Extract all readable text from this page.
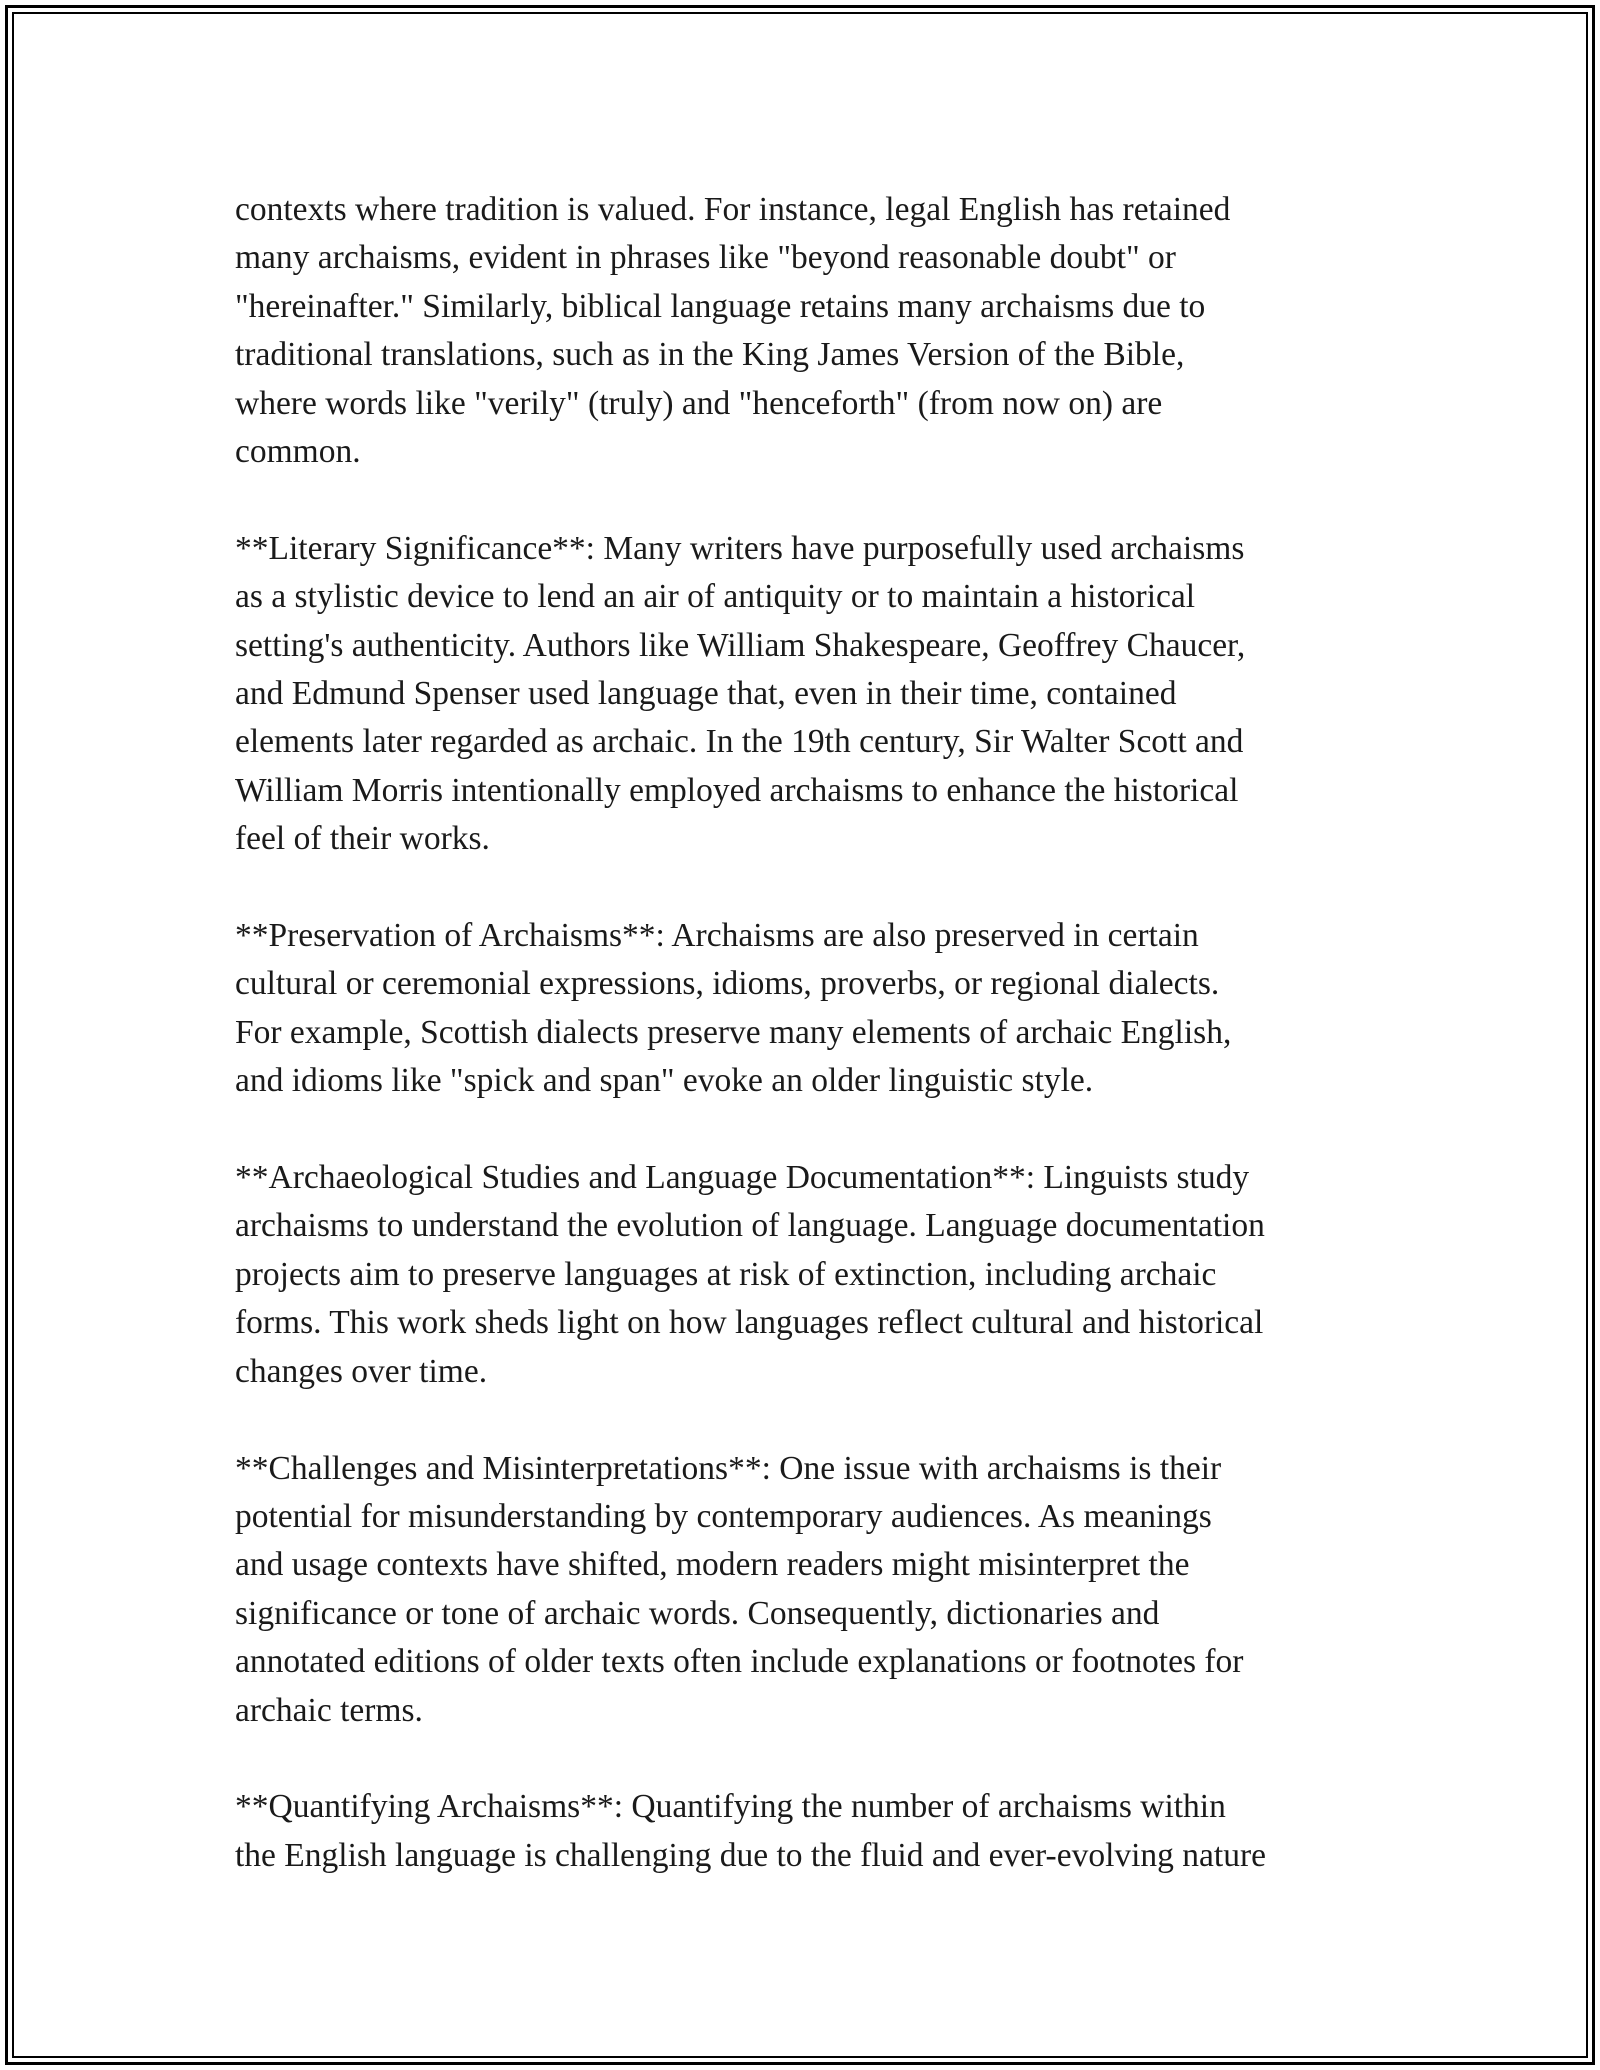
contexts where tradition is valued. For instance, legal English has retained
many archaisms, evident in phrases like "beyond reasonable doubt" or
"hereinafter." Similarly, biblical language retains many archaisms due to
traditional translations, such as in the King James Version of the Bible,
where words like "verily" (truly) and "henceforth" (from now on) are
common.

**Literary Significance**: Many writers have purposefully used archaisms
as a stylistic device to lend an air of antiquity or to maintain a historical
setting's authenticity. Authors like William Shakespeare, Geoffrey Chaucer,
and Edmund Spenser used language that, even in their time, contained
elements later regarded as archaic. In the 19th century, Sir Walter Scott and
William Morris intentionally employed archaisms to enhance the historical
feel of their works.

**Preservation of Archaisms**: Archaisms are also preserved in certain
cultural or ceremonial expressions, idioms, proverbs, or regional dialects.
For example, Scottish dialects preserve many elements of archaic English,
and idioms like "spick and span" evoke an older linguistic style.

**Archaeological Studies and Language Documentation**: Linguists study
archaisms to understand the evolution of language. Language documentation
projects aim to preserve languages at risk of extinction, including archaic
forms. This work sheds light on how languages reflect cultural and historical
changes over time.

**Challenges and Misinterpretations**: One issue with archaisms is their
potential for misunderstanding by contemporary audiences. As meanings
and usage contexts have shifted, modern readers might misinterpret the
significance or tone of archaic words. Consequently, dictionaries and
annotated editions of older texts often include explanations or footnotes for
archaic terms.

**Quantifying Archaisms**: Quantifying the number of archaisms within
the English language is challenging due to the fluid and ever-evolving nature
